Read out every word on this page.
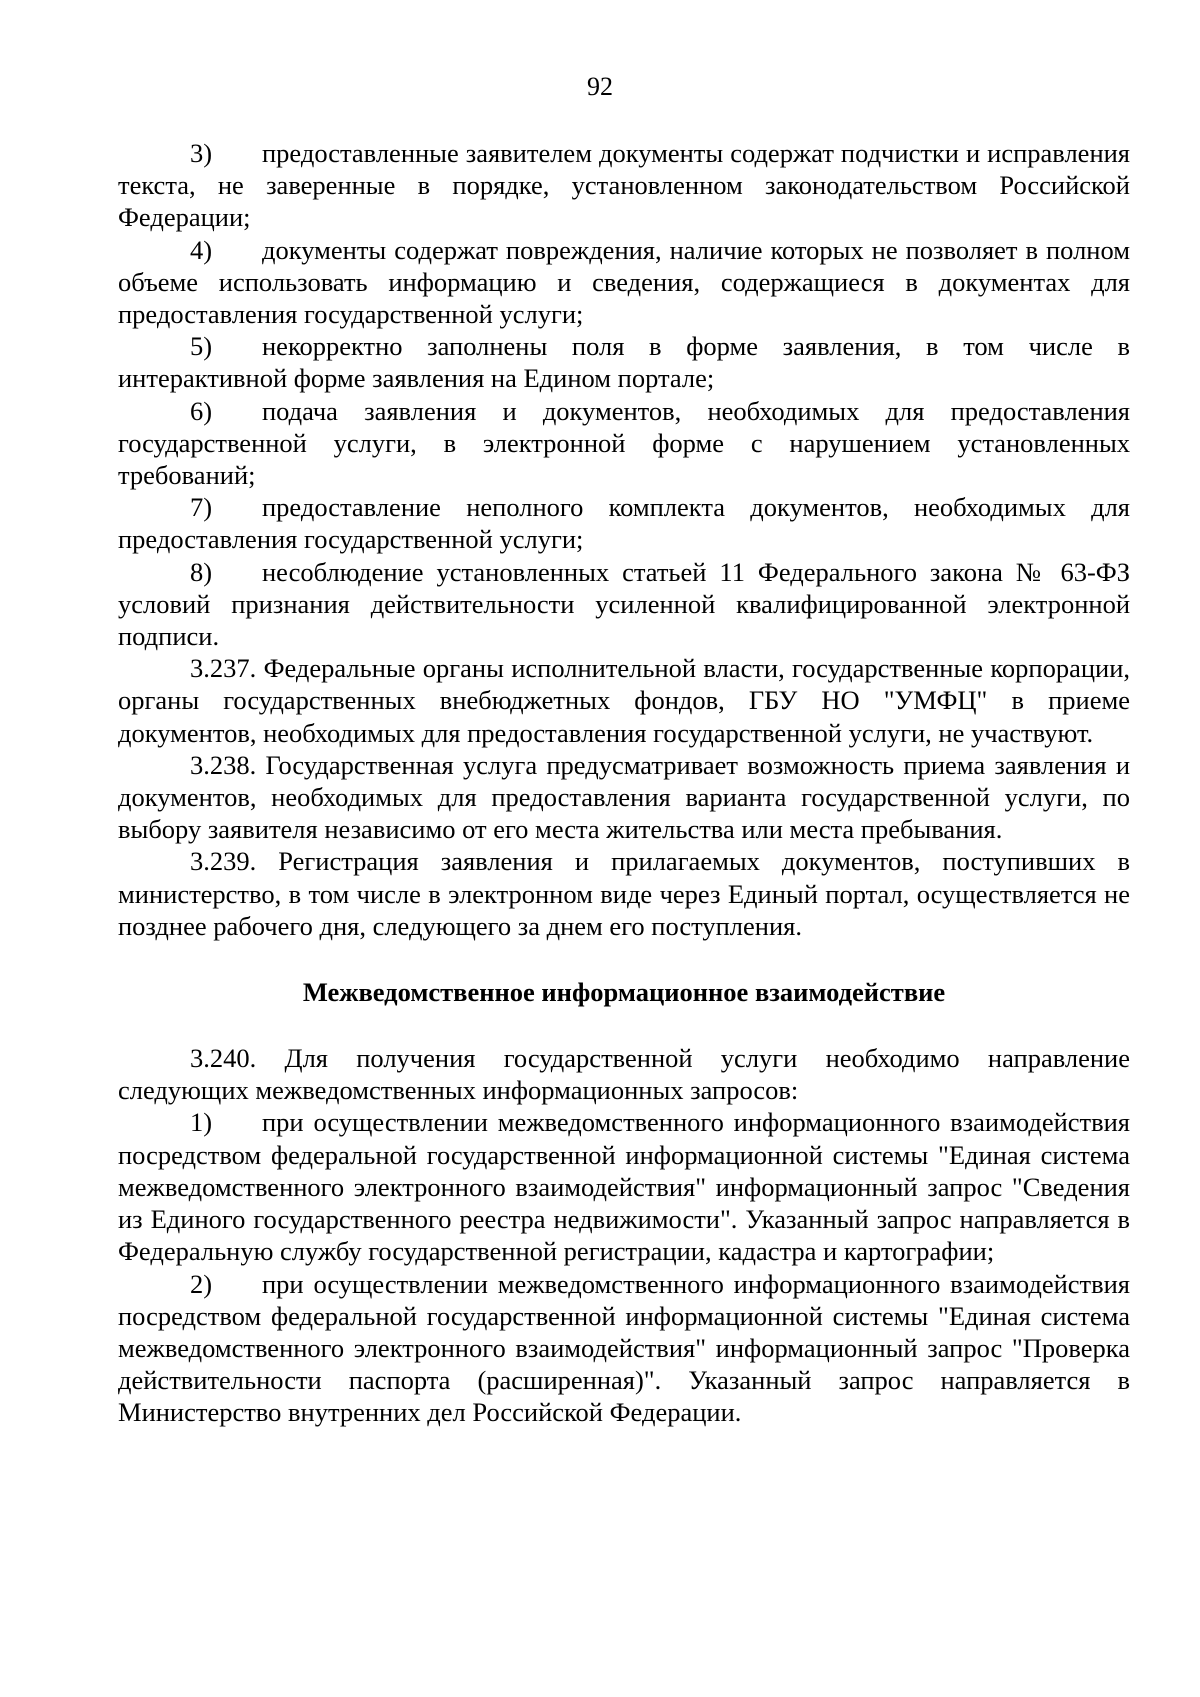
92

3) предоставленные заявителем документы содержат подчистки и исправления текста, не заверенные в порядке, установленном законодательством Российской Федерации;

4) документы содержат повреждения, наличие которых не позволяет в полном объеме использовать информацию и сведения, содержащиеся в документах для предоставления государственной услуги;

5) некорректно заполнены поля в форме заявления, в том числе в интерактивной форме заявления на Едином портале;

6) подача заявления и документов, необходимых для предоставления государственной услуги, в электронной форме с нарушением установленных требований;

7) предоставление неполного комплекта документов, необходимых для предоставления государственной услуги;

8) несоблюдение установленных статьей 11 Федерального закона № 63-ФЗ условий признания действительности усиленной квалифицированной электронной подписи.

3.237. Федеральные органы исполнительной власти, государственные корпорации, органы государственных внебюджетных фондов, ГБУ НО "УМФЦ" в приеме документов, необходимых для предоставления государственной услуги, не участвуют.

3.238. Государственная услуга предусматривает возможность приема заявления и документов, необходимых для предоставления варианта государственной услуги, по выбору заявителя независимо от его места жительства или места пребывания.

3.239. Регистрация заявления и прилагаемых документов, поступивших в министерство, в том числе в электронном виде через Единый портал, осуществляется не позднее рабочего дня, следующего за днем его поступления.

Межведомственное информационное взаимодействие

3.240. Для получения государственной услуги необходимо направление следующих межведомственных информационных запросов:

1) при осуществлении межведомственного информационного взаимодействия посредством федеральной государственной информационной системы "Единая система межведомственного электронного взаимодействия" информационный запрос "Сведения из Единого государственного реестра недвижимости". Указанный запрос направляется в Федеральную службу государственной регистрации, кадастра и картографии;

2) при осуществлении межведомственного информационного взаимодействия посредством федеральной государственной информационной системы "Единая система межведомственного электронного взаимодействия" информационный запрос "Проверка действительности паспорта (расширенная)". Указанный запрос направляется в Министерство внутренних дел Российской Федерации.
